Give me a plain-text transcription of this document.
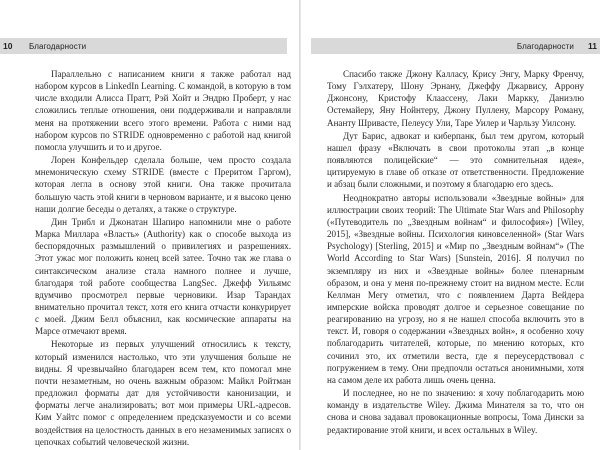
10	Благодарности

Параллельно с написанием книги я также работал над набором курсов в LinkedIn Learning. С командой, в которую в том числе входили Алисса Пратт, Рэй Хойт и Эндрю Проберт, у нас сложились теплые отношения, они поддерживали и направляли меня на протяжении всего этого времени. Работа с ними над набором курсов по STRIDE одновременно с работой над книгой помогла улучшить и то и другое.

Лорен Конфельдер сделала больше, чем просто создала мнемоническую схему STRIDE (вместе с Преритом Гаргом), которая легла в основу этой книги. Она также прочитала большую часть этой книги в черновом варианте, и я высоко ценю наши долгие беседы о деталях, а также о структуре.

Дин Трибл и Джонатан Шапиро напомнили мне о работе Марка Миллара «Власть» (Authority) как о способе выхода из беспорядочных размышлений о привилегиях и разрешениях. Этот ужас мог положить конец всей затее. Точно так же глава о синтаксическом анализе стала намного полнее и лучше, благодаря той работе сообщества LangSec. Джефф Уильямс вдумчиво просмотрел первые черновики. Изар Тарандах внимательно прочитал текст, хотя его книга отчасти конкурирует с моей. Джим Белл объяснил, как космические аппараты на Марсе отмечают время.

Некоторые из первых улучшений относились к тексту, который изменился настолько, что эти улучшения больше не видны. Я чрезвычайно благодарен всем тем, кто помогал мне почти незаметным, но очень важным образом: Майкл Ройтман предложил форматы дат для устойчивости канонизации, и форматы легче анализировать; вот мои примеры URL-адресов. Ким Уайтс помог с определением предсказуемости и со всеми воздействия на целостность данных в его незаменимых записях о цепочках событий человеческой жизни.

Благодарности 11

Спасибо также Джону Калласу, Крису Энгу, Марку Френчу, Тому Гэлхатеру, Шону Эрнану, Джеффу Джарвису, Аррону Джонсону, Кристофу Клаассену, Лаки Маркку, Даниэлю Остемайеру, Яну Нойнтеру, Джону Пуллену, Марсору Роману, Ананту Шривасте, Пелеусу Ули, Таре Уилер и Чарльзу Уилсону.

Дут Барис, адвокат и киберпанк, был тем другом, который нашел фразу «Включать в свои протоколы этап „в конце появляются полицейские“ — это сомнительная идея», цитируемую в главе об отказе от ответственности. Предложение и абзац были сложными, и поэтому я благодарю его здесь.

Неоднократно авторы использовали «Звездные войны» для иллюстрации своих теорий: The Ultimate Star Wars and Philosophy («Путеводитель по „Звездным войнам“ и философия») [Wiley, 2015], «Звездные войны. Психология киновселенной» (Star Wars Psychology) [Sterling, 2015] и «Мир по „Звездным войнам“» (The World According to Star Wars) [Sunstein, 2016]. Я получил по экземпляру из них и «Звездные войны» более пленарным образом, и она у меня по-прежнему стоит на видном месте. Если Келлман Мегу отметил, что с появлением Дарта Вейдера имперские войска проводят долгое и серьезное совещание по реагированию на угрозу, но я не нашел способа включить это в текст. И, говоря о содержании «Звездных войн», я особенно хочу поблагодарить читателей, которые, по мнению которых, кто сочинил это, их отметили веста, где я переусердствовал с погружением в тему. Они предпочли остаться анонимными, хотя на самом деле их работа лишь очень ценна.

И последнее, но не по значению: я хочу поблагодарить мою команду в издательстве Wiley. Джима Минателя за то, что он снова и снова задавал провокационные вопросы, Тома Дински за редактирование этой книги, и всех остальных в Wiley.
